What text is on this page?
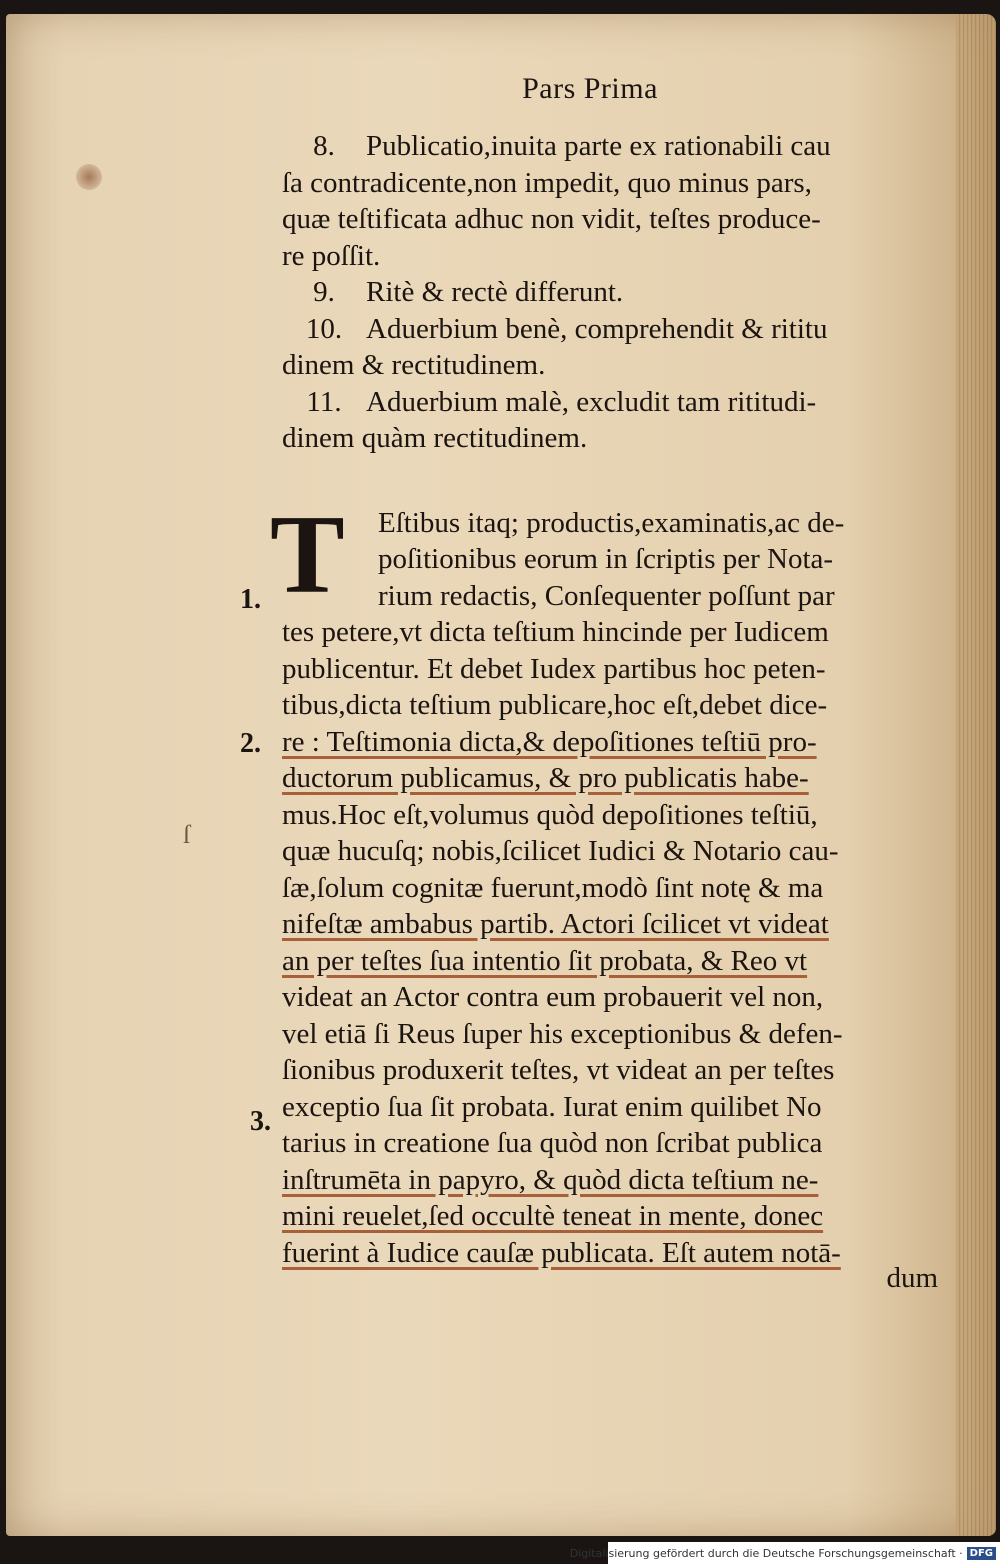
Pars Prima
8. Publicatio,inuita parte ex rationabili cau
ſa contradicente,non impedit, quo minus pars,
quæ teſtificata adhuc non vidit, teſtes produce-
re poſſit.
9. Ritè & rectè differunt.
10. Aduerbium benè, comprehendit & rititu
dinem & rectitudinem.
11. Aduerbium malè, excludit tam rititudi-
dinem quàm rectitudinem.
T	Eſtibus itaq; productis,examinatis,ac de-
poſitionibus eorum in ſcriptis per Nota-
rium redactis, Conſequenter poſſunt par
tes petere,vt dicta teſtium hincinde per Iudicem
publicentur. Et debet Iudex partibus hoc peten-
tibus,dicta teſtium publicare,hoc eſt,debet dice-
re : Teſtimonia dicta,& depoſitiones teſtiū pro-
ductorum publicamus, & pro publicatis habe-
mus.Hoc eſt,volumus quòd depoſitiones teſtiū,
quæ hucuſq; nobis,ſcilicet Iudici & Notario cau-
ſæ,ſolum cognitæ fuerunt,modò ſint notę & ma
nifeſtæ ambabus partib. Actori ſcilicet vt videat
an per teſtes ſua intentio ſit probata, & Reo vt
videat an Actor contra eum probauerit vel non,
vel etiā ſi Reus ſuper his exceptionibus & defen-
ſionibus produxerit teſtes, vt videat an per teſtes
exceptio ſua ſit probata. Iurat enim quilibet No
tarius in creatione ſua quòd non ſcribat publica
inſtrumēta in papyro, & quòd dicta teſtium ne-
mini reuelet,ſed occultè teneat in mente, donec
fuerint à Iudice cauſæ publicata. Eſt autem notā-
1.
2.
3.
ſ
dum
Digitalisierung gefördert durch die Deutsche Forschungsgemeinschaft · DFG
